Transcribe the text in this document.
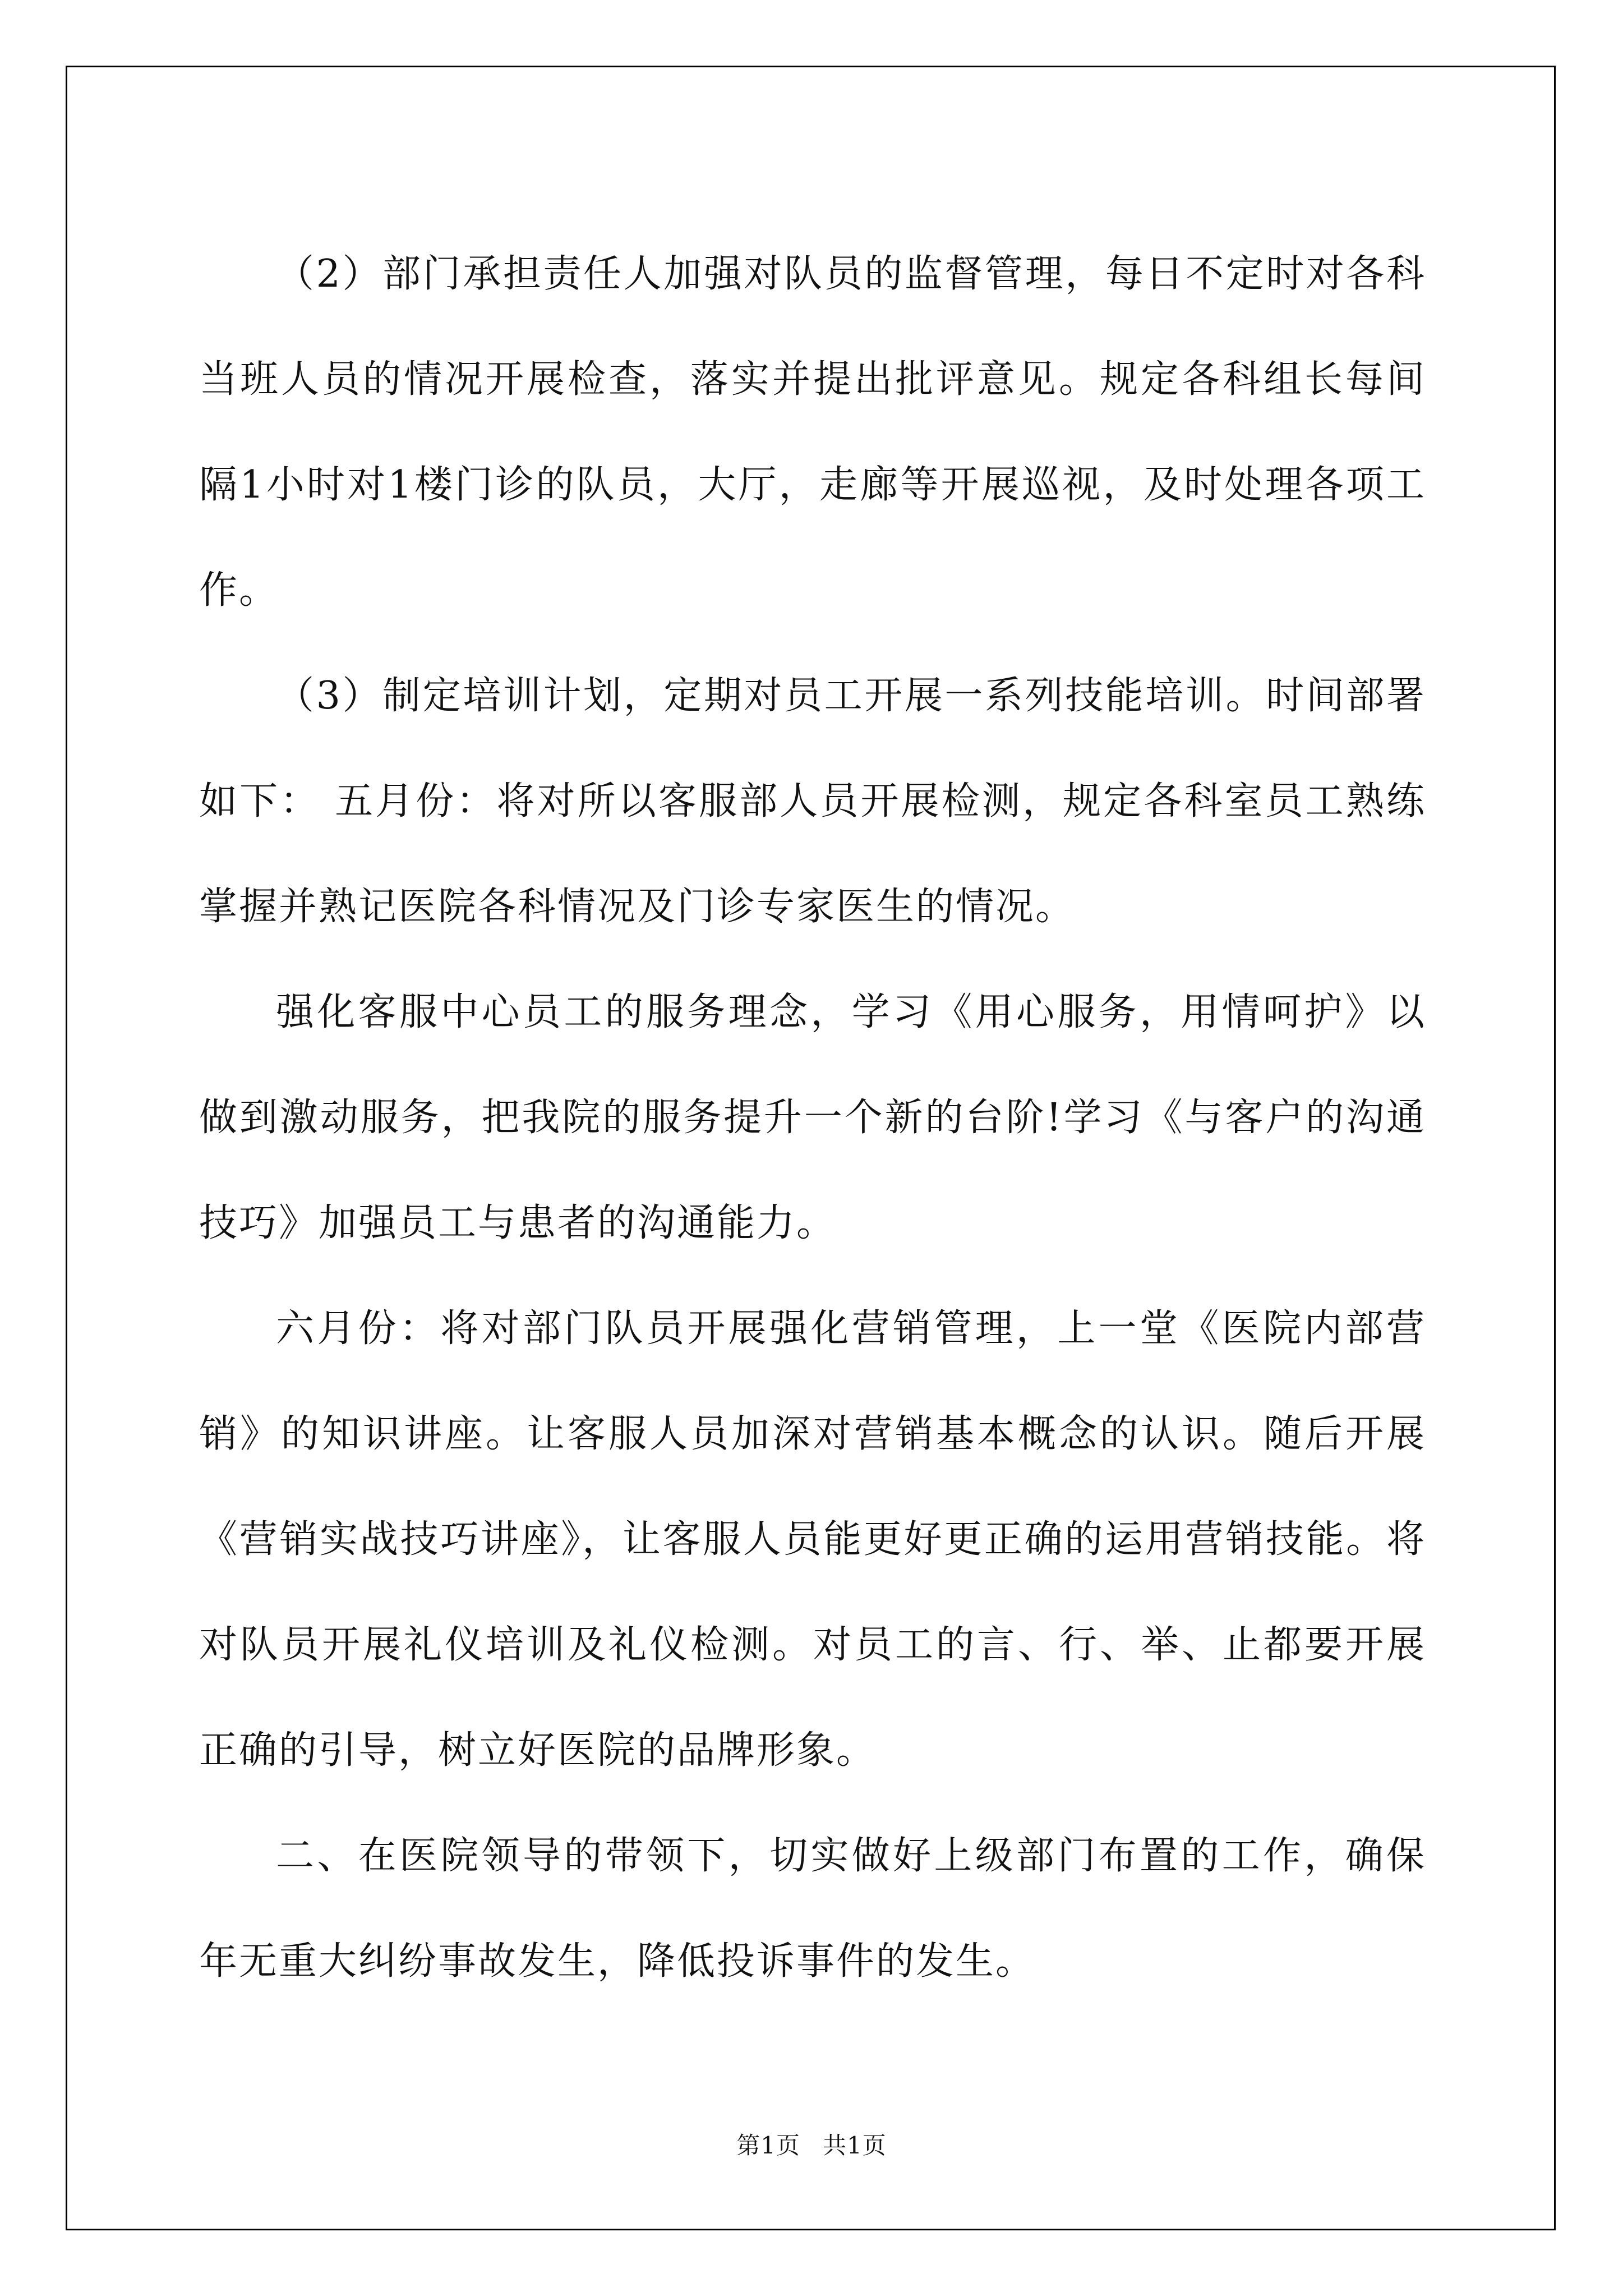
（2）部门承担责任人加强对队员的监督管理，每日不定时对各科当班人员的情况开展检查，落实并提出批评意见。规定各科组长每间隔1小时对1楼门诊的队员，大厅，走廊等开展巡视，及时处理各项工作。

（3）制定培训计划，定期对员工开展一系列技能培训。时间部署如下： 五月份：将对所以客服部人员开展检测，规定各科室员工熟练掌握并熟记医院各科情况及门诊专家医生的情况。

强化客服中心员工的服务理念，学习《用心服务，用情呵护》以做到激动服务，把我院的服务提升一个新的台阶!学习《与客户的沟通技巧》加强员工与患者的沟通能力。

六月份：将对部门队员开展强化营销管理，上一堂《医院内部营销》的知识讲座。让客服人员加深对营销基本概念的认识。随后开展《营销实战技巧讲座》，让客服人员能更好更正确的运用营销技能。将对队员开展礼仪培训及礼仪检测。对员工的言、行、举、止都要开展正确的引导，树立好医院的品牌形象。

二、在医院领导的带领下，切实做好上级部门布置的工作，确保年无重大纠纷事故发生，降低投诉事件的发生。

第1页 共1页
